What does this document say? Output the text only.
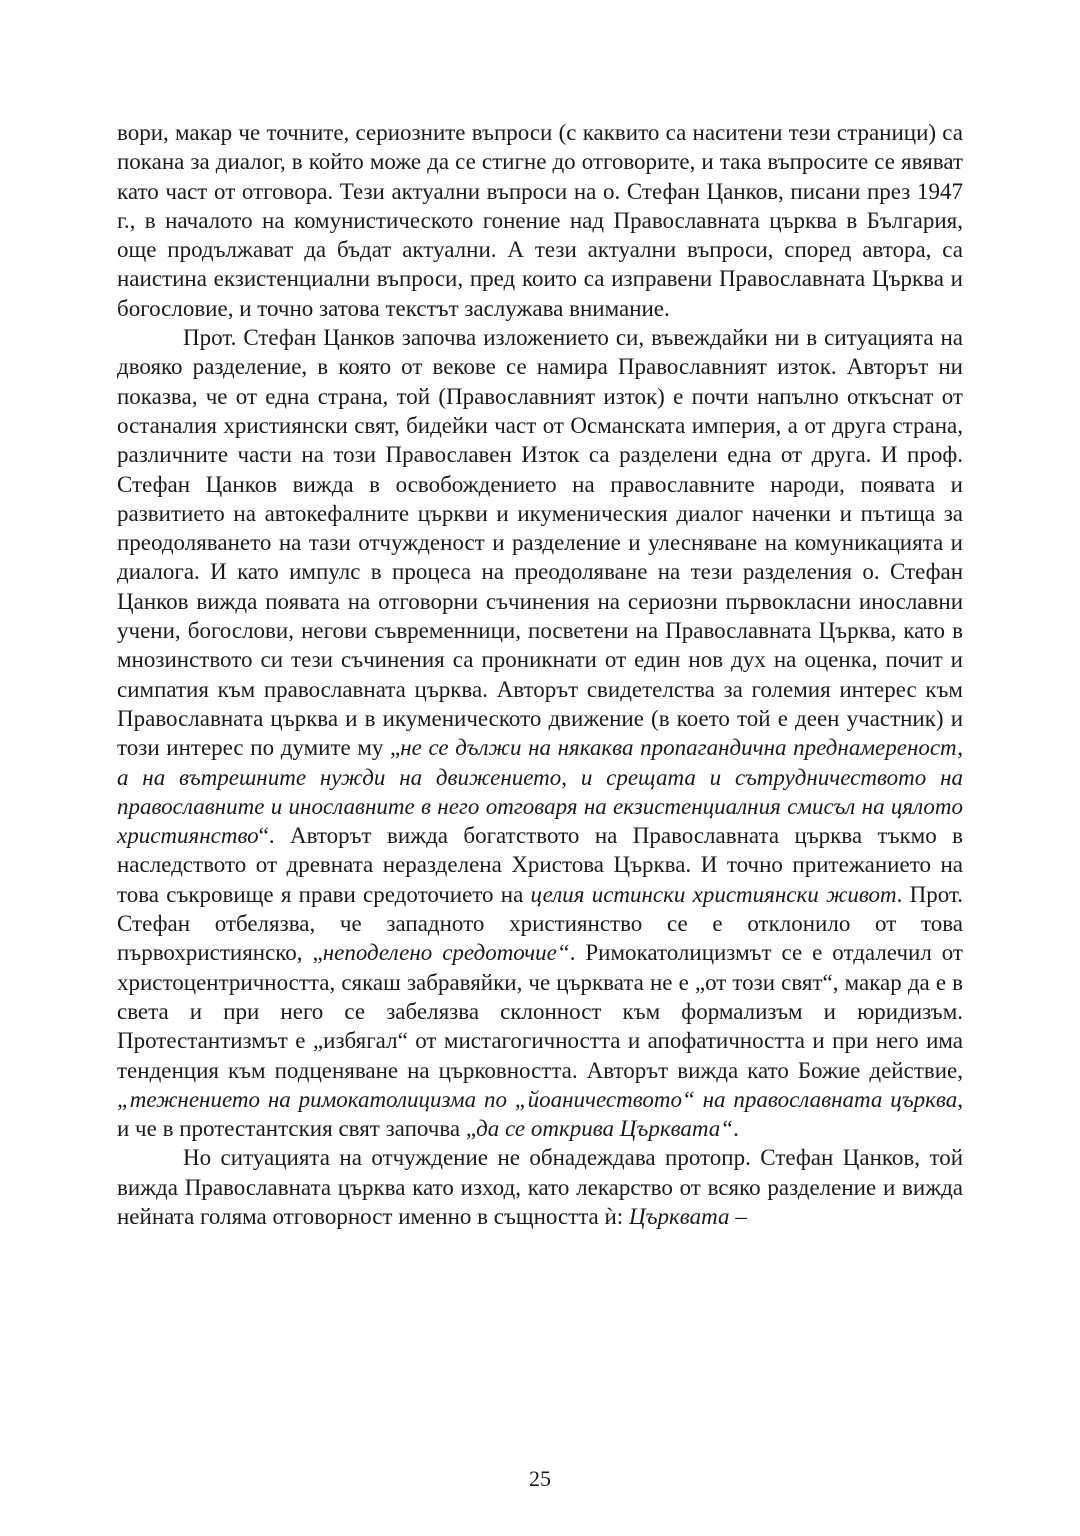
вори, макар че точните, сериозните въпроси (с каквито са наситени тези страници) са покана за диалог, в който може да се стигне до отговорите, и така въпросите се явяват като част от отговора. Тези актуални въпроси на о. Стефан Цанков, писани през 1947 г., в началото на комунистическото гонение над Православната църква в България, още продължават да бъдат актуални. А тези актуални въпроси, според автора, са наистина екзистенциални въпроси, пред които са изправени Православната Църква и богословие, и точно затова текстът заслужава внимание.

Прот. Стефан Цанков започва изложението си, въвеждайки ни в ситуацията на двояко разделение, в която от векове се намира Православният изток. Авторът ни показва, че от една страна, той (Православният изток) е почти напълно откъснат от останалия християнски свят, бидейки част от Османската империя, а от друга страна, различните части на този Православен Изток са разделени една от друга. И проф. Стефан Цанков вижда в освобождението на православните народи, появата и развитието на автокефалните църкви и икуменическия диалог наченки и пътища за преодоляването на тази отчужденост и разделение и улесняване на комуникацията и диалога. И като импулс в процеса на преодоляване на тези разделения о. Стефан Цанков вижда появата на отговорни съчинения на сериозни първокласни инославни учени, богослови, негови съвременници, посветени на Православната Църква, като в мнозинството си тези съчинения са проникнати от един нов дух на оценка, почит и симпатия към православната църква. Авторът свидетелства за големия интерес към Православната църква и в икуменическото движение (в което той е деен участник) и този интерес по думите му „не се дължи на някаква пропагандична преднамереност, а на вътрешните нужди на движението, и срещата и сътрудничеството на православните и инославните в него отговаря на екзистенциалния смисъл на цялото християнство“. Авторът вижда богатството на Православната църква тъкмо в наследството от древната неразделена Христова Църква. И точно притежанието на това съкровище я прави средоточието на целия истински християнски живот. Прот. Стефан отбелязва, че западното християнство се е отклонило от това първохристиянско, „неподелено средоточие“. Римокатолицизмът се е отдалечил от христоцентричността, сякаш забравяйки, че църквата не е „от този свят“, макар да е в света и при него се забелязва склонност към формализъм и юридизъм. Протестантизмът е „избягал“ от мистагогичността и апофатичността и при него има тенденция към подценяване на църковността. Авторът вижда като Божие действие, „тежнението на римокатолицизма по „йоаничеството“ на православната църква, и че в протестантския свят започва „да се открива Църквата“.

Но ситуацията на отчуждение не обнадеждава протопр. Стефан Цанков, той вижда Православната църква като изход, като лекарство от всяко разделение и вижда нейната голяма отговорност именно в същността ѝ: Църквата –

25
